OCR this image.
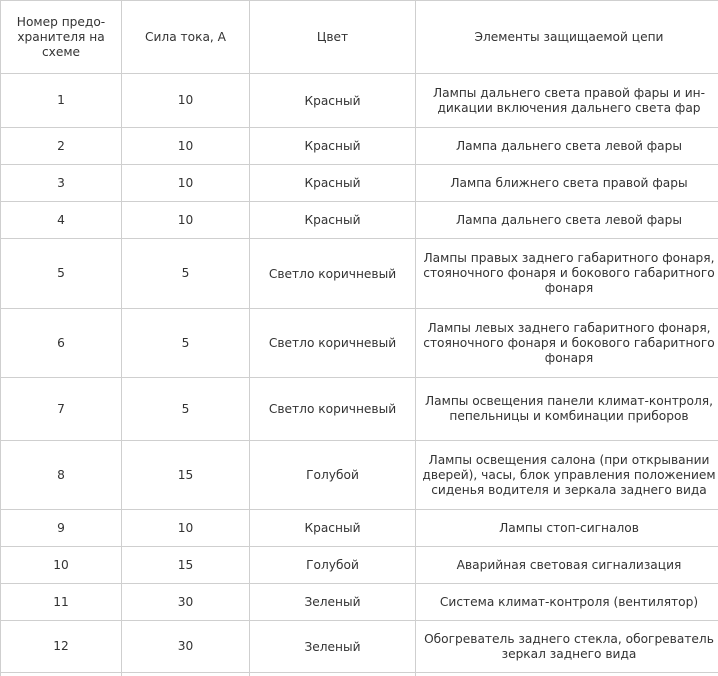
Номер предо-хранителя на схеме	Сила тока, А	Цвет	Элементы защищаемой цепи
1	10	Красный	Лампы дальнего света правой фары и ин-дикации включения дальнего света фар

2	10	Красный	Лампа дальнего света левой фары

3	10	Красный	Лампа ближнего света правой фары

4	10	Красный	Лампа дальнего света левой фары

5	5	Светло коричневый	Лампы правых заднего габаритного фонаря, стояночного фонаря и бокового габаритного фонаря

6	5	Светло коричневый	Лампы левых заднего габаритного фонаря, стояночного фонаря и бокового габаритного фонаря

7	5	Светло коричневый	Лампы освещения панели климат-контроля, пепельницы и комбинации приборов

8	15	Голубой	Лампы освещения салона (при открывании дверей), часы, блок управления положением сиденья водителя и зеркала заднего вида

9	10	Красный	Лампы стоп-сигналов

10	15	Голубой	Аварийная световая сигнализация

11	30	Зеленый	Система климат-контроля (вентилятор)

12	30	Зеленый	Обогреватель заднего стекла, обогреватель зеркал заднего вида
